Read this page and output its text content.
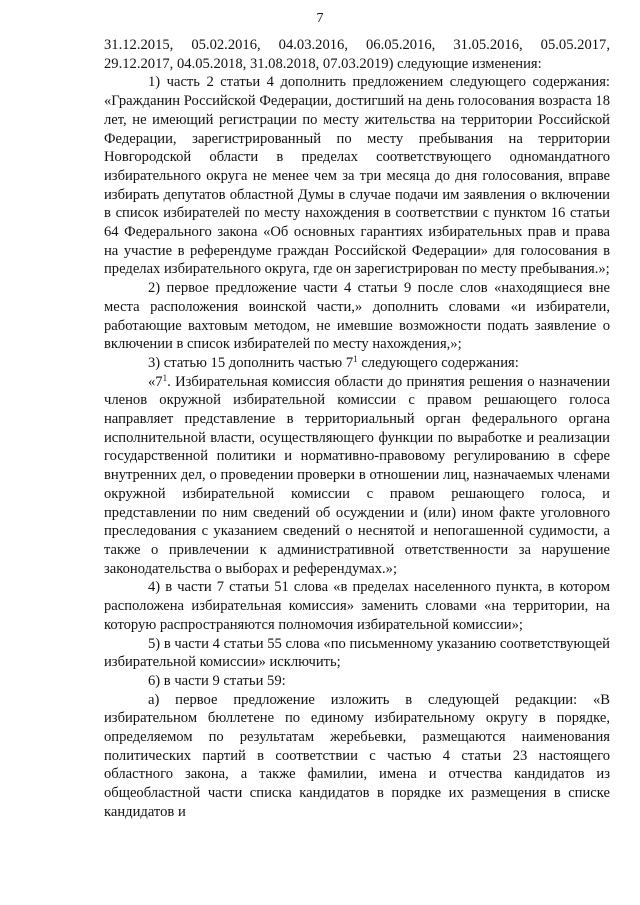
7

31.12.2015, 05.02.2016, 04.03.2016, 06.05.2016, 31.05.2016, 05.05.2017, 29.12.2017, 04.05.2018, 31.08.2018, 07.03.2019) следующие изменения:

1) часть 2 статьи 4 дополнить предложением следующего содержания: «Гражданин Российской Федерации, достигший на день голосования возраста 18 лет, не имеющий регистрации по месту жительства на территории Российской Федерации, зарегистрированный по месту пребывания на территории Новгородской области в пределах соответствующего одномандатного избирательного округа не менее чем за три месяца до дня голосования, вправе избирать депутатов областной Думы в случае подачи им заявления о включении в список избирателей по месту нахождения в соответствии с пунктом 16 статьи 64 Федерального закона «Об основных гарантиях избирательных прав и права на участие в референдуме граждан Российской Федерации» для голосования в пределах избирательного округа, где он зарегистрирован по месту пребывания.»;

2) первое предложение части 4 статьи 9 после слов «находящиеся вне места расположения воинской части,» дополнить словами «и избиратели, работающие вахтовым методом, не имевшие возможности подать заявление о включении в список избирателей по месту нахождения,»;

3) статью 15 дополнить частью $7^1$ следующего содержания:

«$7^1$. Избирательная комиссия области до принятия решения о назначении членов окружной избирательной комиссии с правом решающего голоса направляет представление в территориальный орган федерального органа исполнительной власти, осуществляющего функции по выработке и реализации государственной политики и нормативно-правовому регулированию в сфере внутренних дел, о проведении проверки в отношении лиц, назначаемых членами окружной избирательной комиссии с правом решающего голоса, и представлении по ним сведений об осуждении и (или) ином факте уголовного преследования с указанием сведений о неснятой и непогашенной судимости, а также о привлечении к административной ответственности за нарушение законодательства о выборах и референдумах.»;

4) в части 7 статьи 51 слова «в пределах населенного пункта, в котором расположена избирательная комиссия» заменить словами «на территории, на которую распространяются полномочия избирательной комиссии»;

5) в части 4 статьи 55 слова «по письменному указанию соответствующей избирательной комиссии» исключить;

6) в части 9 статьи 59:

а) первое предложение изложить в следующей редакции: «В избирательном бюллетене по единому избирательному округу в порядке, определяемом по результатам жеребьевки, размещаются наименования политических партий в соответствии с частью 4 статьи 23 настоящего областного закона, а также фамилии, имена и отчества кандидатов из общеобластной части списка кандидатов в порядке их размещения в списке кандидатов и
